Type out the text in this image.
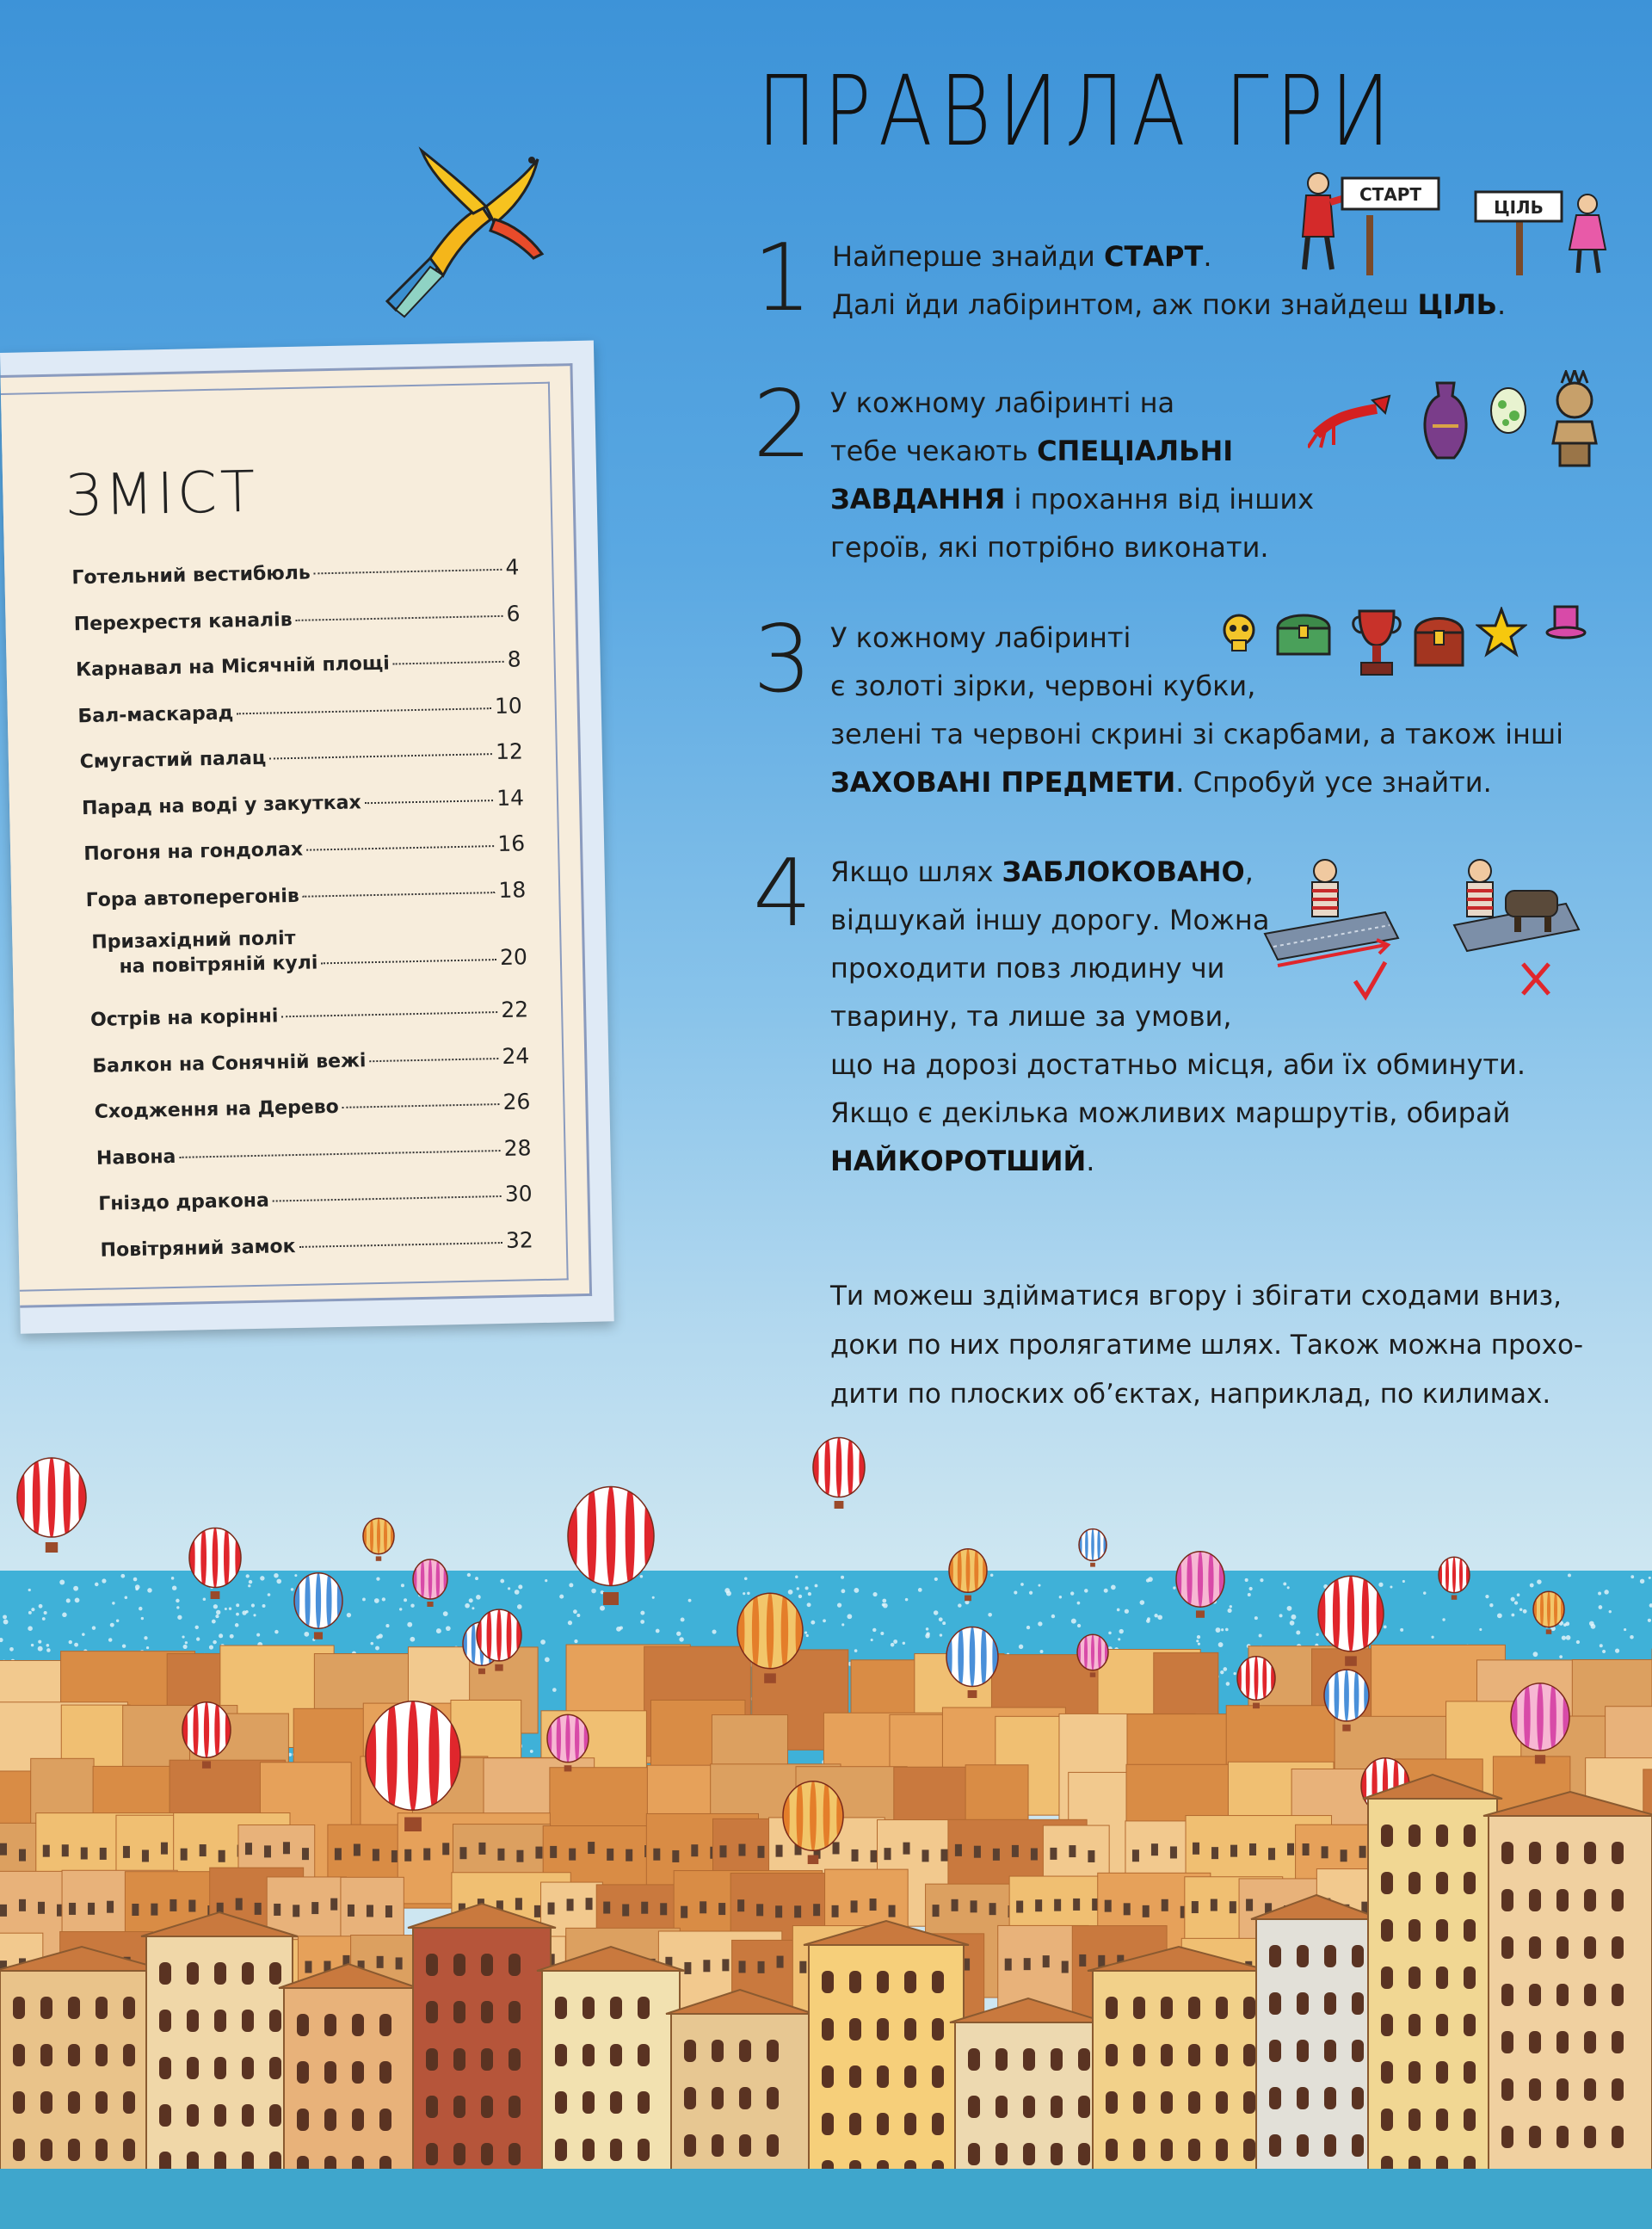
ПРАВИЛА ГРИ
1 Найперше знайди СТАРТ.
Далі йди лабіринтом, аж поки знайдеш ЦІЛЬ.
2 У кожному лабіринті на
тебе чекають СПЕЦІАЛЬНІ
ЗАВДАННЯ і прохання від інших
героїв, які потрібно виконати.
3 У кожному лабіринті
є золоті зірки, червоні кубки,
зелені та червоні скрині зі скарбами, а також інші
ЗАХОВАНІ ПРЕДМЕТИ. Спробуй усе знайти.
4 Якщо шлях ЗАБЛОКОВАНО,
відшукай іншу дорогу. Можна
проходити повз людину чи
тварину, та лише за умови,
що на дорозі достатньо місця, аби їх обминути.
Якщо є декілька можливих маршрутів, обирай
НАЙКОРОТШИЙ.
СТАРТ
ЦІЛЬ
Ти можеш здійматися вгору і збігати сходами вниз,
доки по них пролягатиме шлях. Також можна прохо-
дити по плоских об’єктах, наприклад, по килимах.
ЗМІСТ
Готельний вестибюль	4
Перехрестя каналів	6
Карнавал на Місячній площі	8
Бал-маскарад	10
Смугастий палац	12
Парад на воді у закутках	14
Погоня на гондолах	16
Гора автоперегонів	18
Призахідний політ
на повітряній кулі	20
Острів на корінні	22
Балкон на Сонячній вежі	24
Сходження на Дерево	26
Навона	28
Гніздо дракона	30
Повітряний замок	32
